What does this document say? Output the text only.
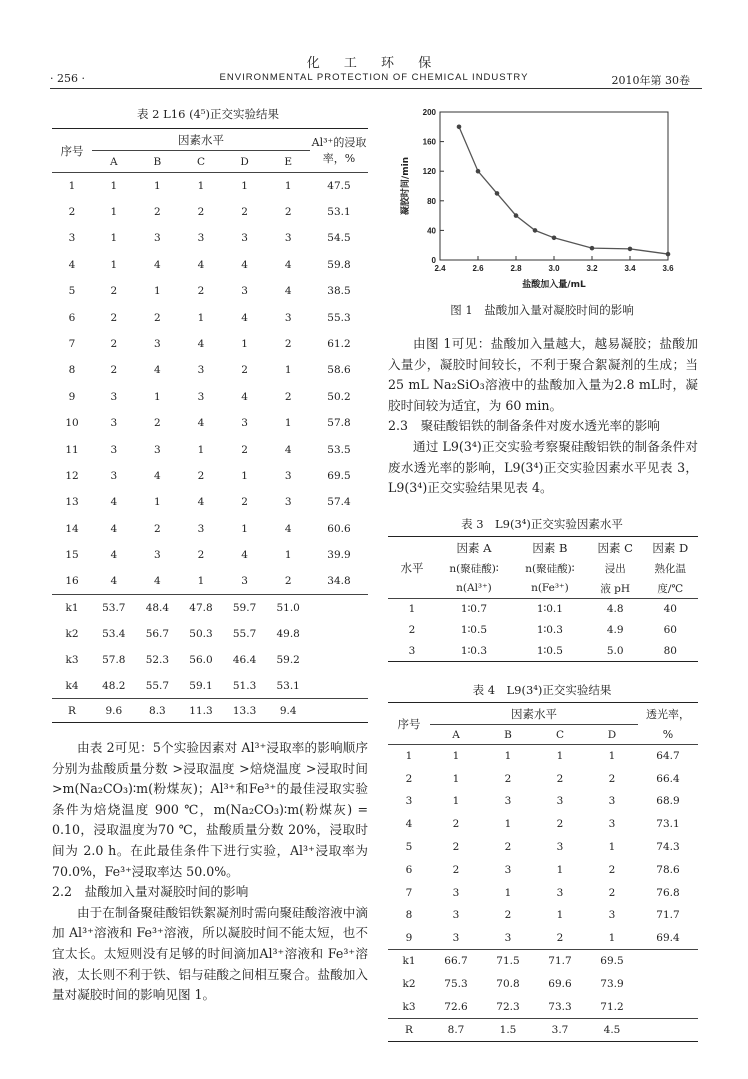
化 工 环 保
· 256 ·	ENVIRONMENTAL PROTECTION OF CHEMICAL INDUSTRY	2010年第 30卷
表 2 L16 (4⁵)正交实验结果
序号	因素水平					Al³⁺的浸取率，%
	A	B	C	D	E	
1	1	1	1	1	1	47.5
2	1	2	2	2	2	53.1
3	1	3	3	3	3	54.5
4	1	4	4	4	4	59.8
5	2	1	2	3	4	38.5
6	2	2	1	4	3	55.3
7	2	3	4	1	2	61.2
8	2	4	3	2	1	58.6
9	3	1	3	4	2	50.2
10	3	2	4	3	1	57.8
11	3	3	1	2	4	53.5
12	3	4	2	1	3	69.5
13	4	1	4	2	3	57.4
14	4	2	3	1	4	60.6
15	4	3	2	4	1	39.9
16	4	4	1	3	2	34.8
k1	53.7	48.4	47.8	59.7	51.0	
k2	53.4	56.7	50.3	55.7	49.8	
k3	57.8	52.3	56.0	46.4	59.2	
k4	48.2	55.7	59.1	51.3	53.1	
R	9.6	8.3	11.3	13.3	9.4	

由表 2可见：5个实验因素对 Al³⁺浸取率的影响顺序分别为盐酸质量分数 >浸取温度 >焙烧温度 >浸取时间 >m(Na₂CO₃)∶m(粉煤灰)；Al³⁺和Fe³⁺的最佳浸取实验条件为焙烧温度 900 ℃，m(Na₂CO₃)∶m(粉煤灰) = 0.10，浸取温度为70 ℃，盐酸质量分数 20%，浸取时间为 2.0 h。在此最佳条件下进行实验，Al³⁺浸取率为 70.0%，Fe³⁺浸取率达 50.0%。

2.2　盐酸加入量对凝胶时间的影响

由于在制备聚硅酸铝铁絮凝剂时需向聚硅酸溶液中滴加 Al³⁺溶液和 Fe³⁺溶液，所以凝胶时间不能太短，也不宜太长。太短则没有足够的时间滴加Al³⁺溶液和 Fe³⁺溶液，太长则不利于铁、铝与硅酸之间相互聚合。盐酸加入量对凝胶时间的影响见图 1。

2.4	2.6	2.8	3.0	3.2	3.4	3.6
0
40
80
120
160
200
盐酸加入量/mL
凝胶时间/min
图 1　盐酸加入量对凝胶时间的影响

由图 1可见：盐酸加入量越大，越易凝胶；盐酸加入量少，凝胶时间较长，不利于聚合絮凝剂的生成；当 25 mL Na₂SiO₃溶液中的盐酸加入量为2.8 mL时，凝胶时间较为适宜，为 60 min。

2.3　聚硅酸铝铁的制备条件对废水透光率的影响

通过 L9(3⁴)正交实验考察聚硅酸铝铁的制备条件对废水透光率的影响，L9(3⁴)正交实验因素水平见表 3，L9(3⁴)正交实验结果见表 4。

表 3　L9(3⁴)正交实验因素水平
水平	因素 A	因素 B	因素 C	因素 D
	n(聚硅酸)∶	n(聚硅酸)∶	浸出	熟化温
	n(Al³⁺)	n(Fe³⁺)	液 pH	度/℃
1	1∶0.7	1∶0.1	4.8	40
2	1∶0.5	1∶0.3	4.9	60
3	1∶0.3	1∶0.5	5.0	80
表 4　L9(3⁴)正交实验结果
序号	因素水平				透光率，
	A	B	C	D	%
1	1	1	1	1	64.7
2	1	2	2	2	66.4
3	1	3	3	3	68.9
4	2	1	2	3	73.1
5	2	2	3	1	74.3
6	2	3	1	2	78.6
7	3	1	3	2	76.8
8	3	2	1	3	71.7
9	3	3	2	1	69.4
k1	66.7	71.5	71.7	69.5	
k2	75.3	70.8	69.6	73.9	
k3	72.6	72.3	73.3	71.2	
R	8.7	1.5	3.7	4.5	
